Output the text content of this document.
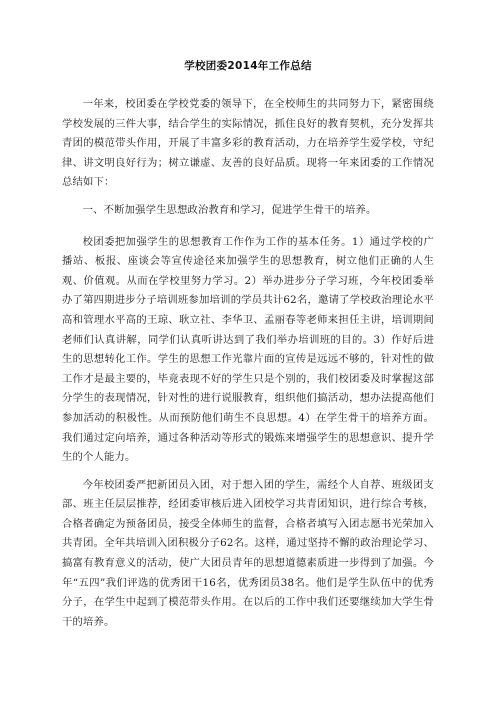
学校团委2014年工作总结

一年来，校团委在学校党委的领导下，在全校师生的共同努力下，紧密围绕学校发展的三件大事，结合学生的实际情况，抓住良好的教育契机，充分发挥共青团的模范带头作用，开展了丰富多彩的教育活动，力在培养学生爱学校，守纪律、讲文明良好行为；树立谦虚、友善的良好品质。现将一年来团委的工作情况总结如下：

一、不断加强学生思想政治教育和学习，促进学生骨干的培养。

校团委把加强学生的思想教育工作作为工作的基本任务。1）通过学校的广播站、板报、座谈会等宣传途径来加强学生的思想教育，树立他们正确的人生观、价值观。从而在学校里努力学习。2）举办进步分子学习班，今年校团委举办了第四期进步分子培训班参加培训的学员共计62名，邀请了学校政治理论水平高和管理水平高的王琼、耿立社、李华卫、孟丽春等老师来担任主讲，培训期间老师们认真讲解，同学们认真听讲达到了我们举办培训班的目的。3）作好后进生的思想转化工作。学生的思想工作光靠片面的宣传是远远不够的，针对性的做工作才是最主要的，毕竟表现不好的学生只是个别的，我们校团委及时掌握这部分学生的表现情况，针对性的进行说服教育，组织他们搞活动，想办法提高他们参加活动的积极性。从而预防他们萌生不良思想。4）在学生骨干的培养方面。我们通过定向培养，通过各种活动等形式的锻炼来增强学生的思想意识、提升学生的个人能力。

今年校团委严把新团员入团，对于想入团的学生，需经个人自荐、班级团支部、班主任层层推荐，经团委审核后进入团校学习共青团知识，进行综合考核，合格者确定为预备团员，接受全体师生的监督，合格者填写入团志愿书光荣加入共青团。全年共培训入团积极分子62名。这样，通过坚持不懈的政治理论学习、搞富有教育意义的活动，使广大团员青年的思想道德素质进一步得到了加强。今年“五四”我们评选的优秀团干16名，优秀团员38名。他们是学生队伍中的优秀分子，在学生中起到了模范带头作用。在以后的工作中我们还要继续加大学生骨干的培养。
